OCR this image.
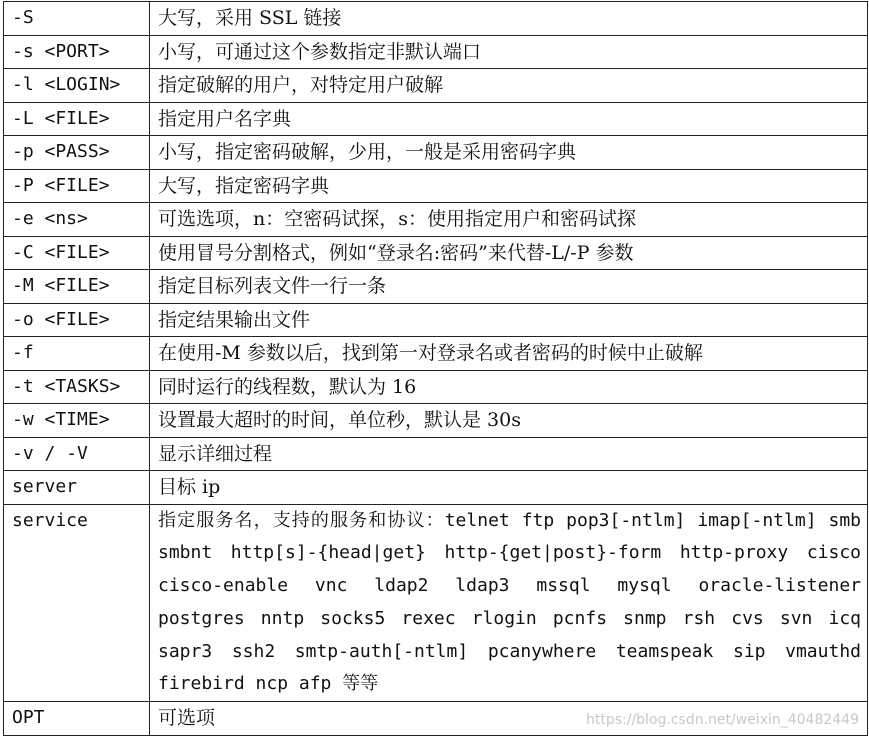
-S	大写，采用 SSL 链接
-s <PORT>	小写，可通过这个参数指定非默认端口
-l <LOGIN>	指定破解的用户，对特定用户破解
-L <FILE>	指定用户名字典
-p <PASS>	小写，指定密码破解，少用，一般是采用密码字典
-P <FILE>	大写，指定密码字典
-e <ns>	可选选项，n：空密码试探，s：使用指定用户和密码试探
-C <FILE>	使用冒号分割格式，例如“登录名:密码”来代替-L/-P 参数
-M <FILE>	指定目标列表文件一行一条
-o <FILE>	指定结果输出文件
-f	在使用-M 参数以后，找到第一对登录名或者密码的时候中止破解
-t <TASKS>	同时运行的线程数，默认为 16
-w <TIME>	设置最大超时的时间，单位秒，默认是 30s
-v / -V	显示详细过程
server	目标 ip
service	指定服务名，支持的服务和协议：telnet ftp pop3[-ntlm] imap[-ntlm] smb smbnt http[s]-{head|get} http-{get|post}-form http-proxy cisco cisco-enable vnc ldap2 ldap3 mssql mysql oracle-listener postgres nntp socks5 rexec rlogin pcnfs snmp rsh cvs svn icq sapr3 ssh2 smtp-auth[-ntlm] pcanywhere teamspeak sip vmauthd firebird ncp afp 等等
OPT	可选项	https://blog.csdn.net/weixin_40482449
